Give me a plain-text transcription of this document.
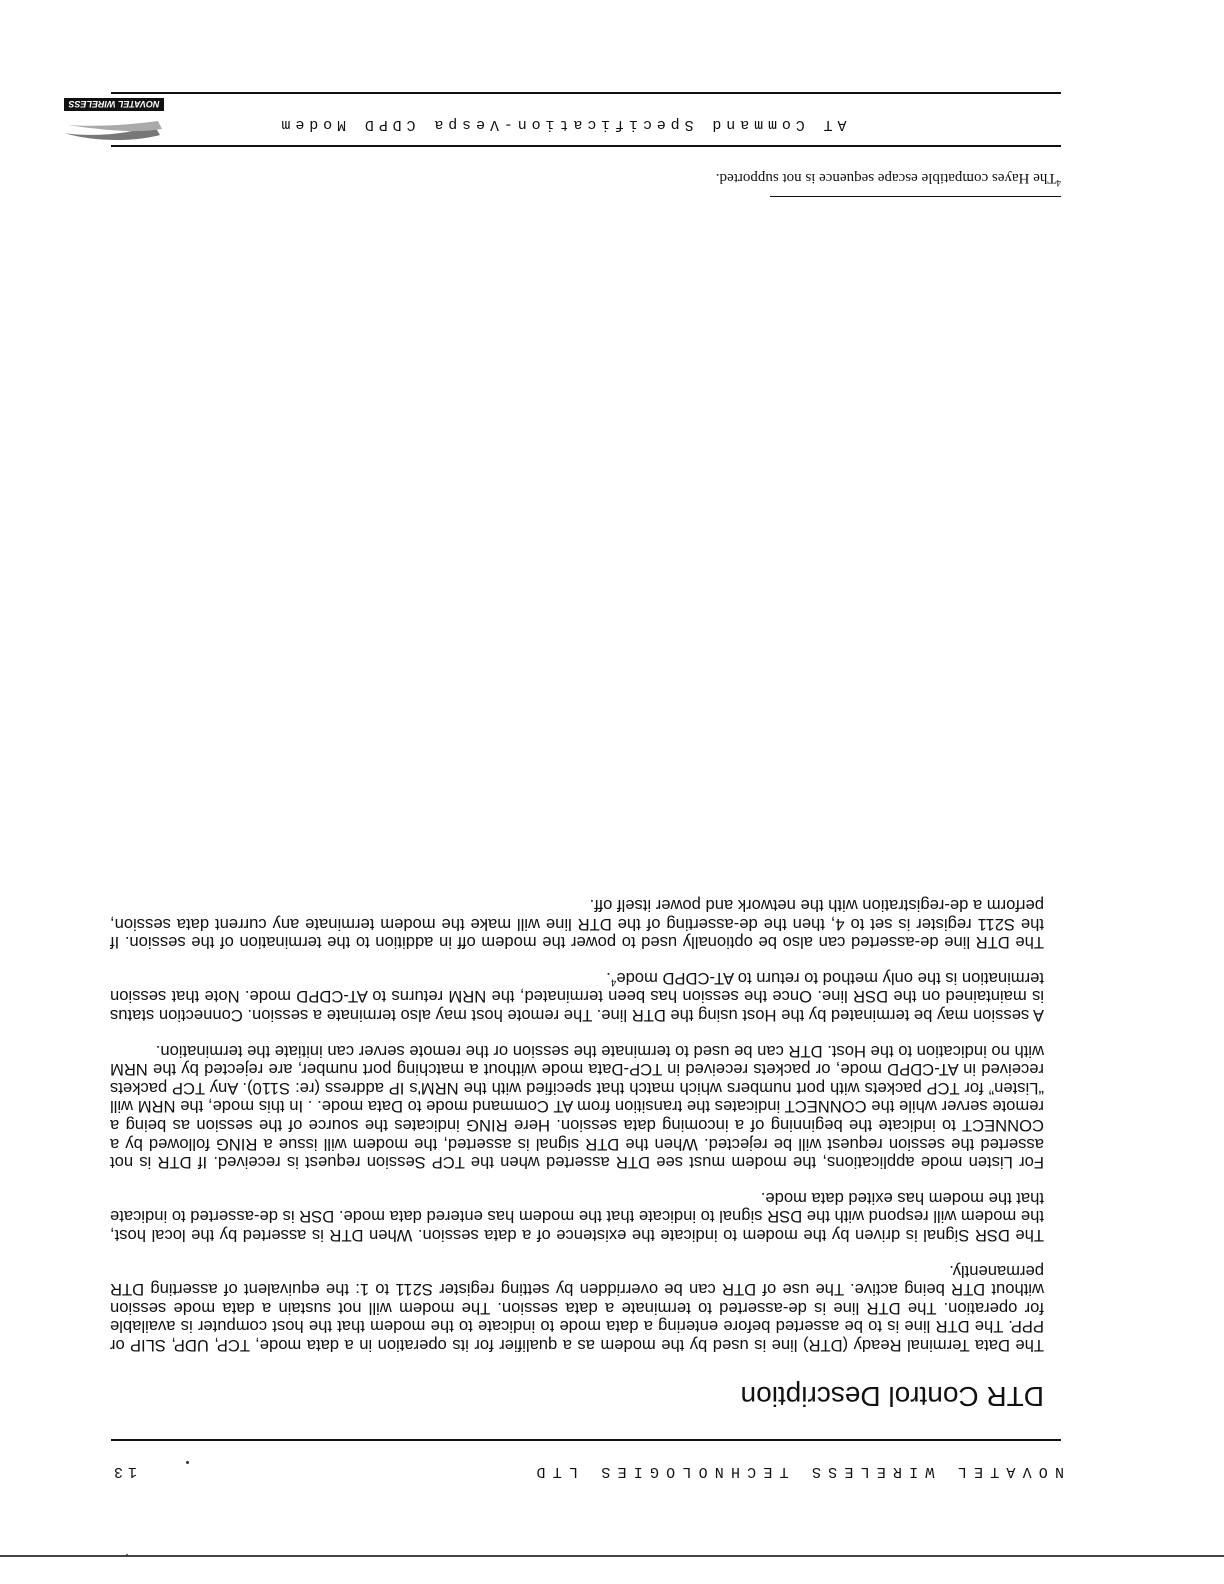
NOVATEL WIRELESS TECHNOLOGIES LTD
13
DTR Control Description

The Data Terminal Ready (DTR) line is used by the modem as a qualifier for its operation in a data mode, TCP, UDP, SLIP or PPP. The DTR line is to be asserted before entering a data mode to indicate to the modem that the host computer is available for operation. The DTR line is de-asserted to terminate a data session. The modem will not sustain a data mode session without DTR being active. The use of DTR can be overridden by setting register S211 to 1: the equivalent of asserting DTR permanently.

The DSR Signal is driven by the modem to indicate the existence of a data session. When DTR is asserted by the local host, the modem will respond with the DSR signal to indicate that the modem has entered data mode. DSR is de-asserted to indicate that the modem has exited data mode.

For Listen mode applications, the modem must see DTR asserted when the TCP Session request is received. If DTR is not asserted the session request will be rejected. When the DTR signal is asserted, the modem will issue a RING followed by a CONNECT to indicate the beginning of a incoming data session. Here RING indicates the source of the session as being a remote server while the CONNECT indicates the transition from AT Command mode to Data mode. . In this mode, the NRM will “Listen” for TCP packets with port numbers which match that specified with the NRM's IP address (re: S110). Any TCP packets received in AT-CDPD mode, or packets received in TCP-Data mode without a matching port number, are rejected by the NRM with no indication to the Host. DTR can be used to terminate the session or the remote server can initiate the termination.

A session may be terminated by the Host using the DTR line. The remote host may also terminate a session. Connection status is maintained on the DSR line. Once the session has been terminated, the NRM returns to AT-CDPD mode. Note that session termination is the only method to return to AT-CDPD mode$^4$.

The DTR line de-asserted can also be optionally used to power the modem off in addition to the termination of the session. If the S211 register is set to 4, then the de-asserting of the DTR line will make the modem terminate any current data session, perform a de-registration with the network and power itself off.

$^4$The Hayes compatible escape sequence is not supported.
AT Command Specification-Vespa CDPD Modem
NOVATEL WIRELESS
